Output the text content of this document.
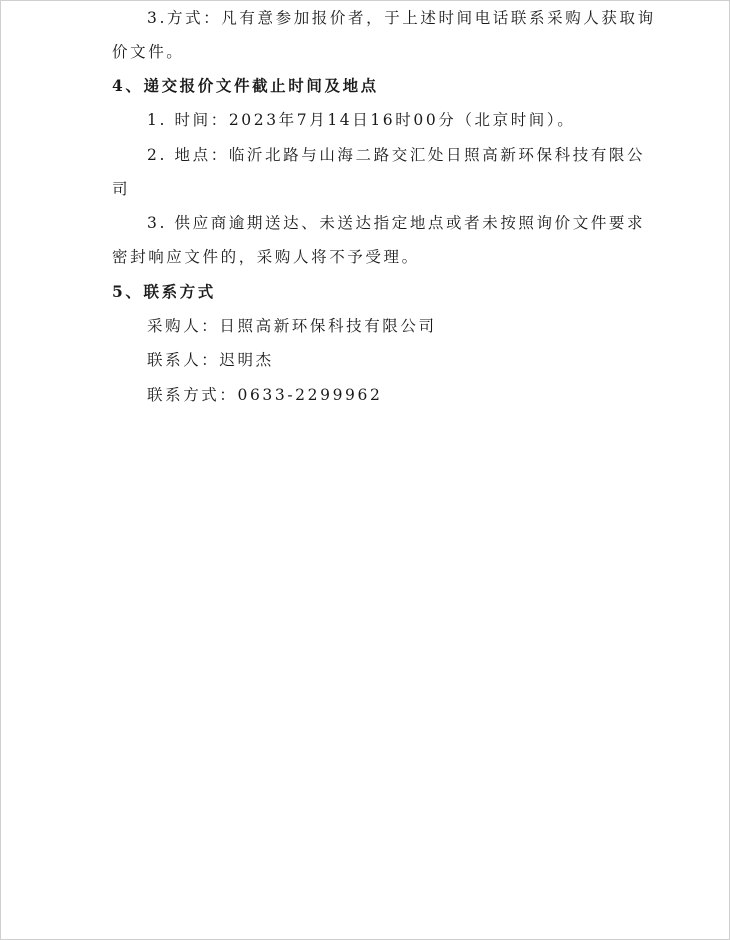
3.方式：凡有意参加报价者，于上述时间电话联系采购人获取询
价文件。
4、递交报价文件截止时间及地点
1. 时间：2023年7月14日16时00分（北京时间）。
2. 地点：临沂北路与山海二路交汇处日照高新环保科技有限公
司
3. 供应商逾期送达、未送达指定地点或者未按照询价文件要求
密封响应文件的，采购人将不予受理。
5、联系方式
采购人：日照高新环保科技有限公司
联系人：迟明杰
联系方式：0633-2299962
